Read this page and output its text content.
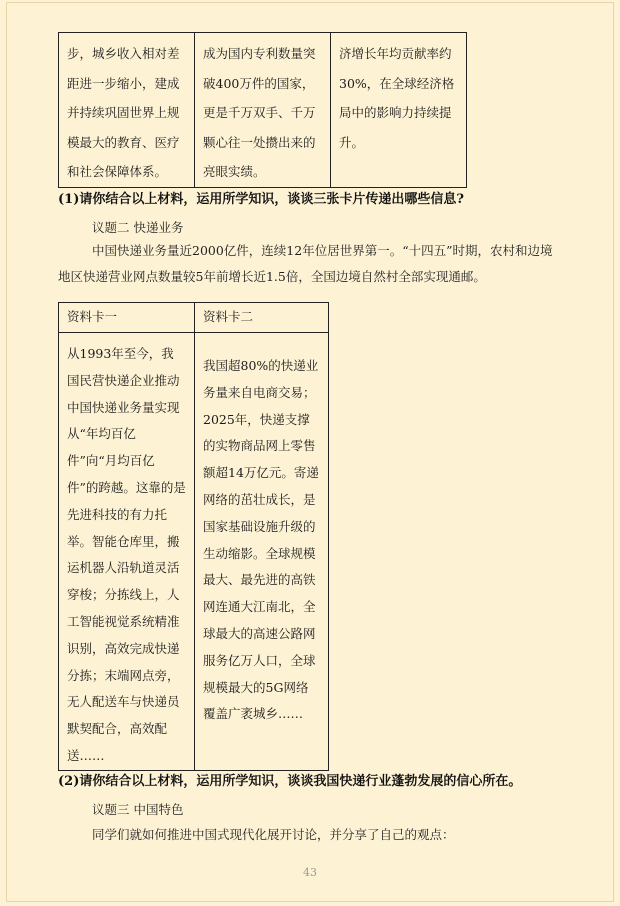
步，城乡收入相对差距进一步缩小，建成并持续巩固世界上规模最大的教育、医疗和社会保障体系。	成为国内专利数量突破400万件的国家，更是千万双手、千万颗心往一处攒出来的亮眼实绩。	济增长年均贡献率约30%，在全球经济格局中的影响力持续提升。
(1)请你结合以上材料，运用所学知识，谈谈三张卡片传递出哪些信息?
议题二 快递业务
中国快递业务量近2000亿件，连续12年位居世界第一。“十四五”时期，农村和边境地区快递营业网点数量较5年前增长近1.5倍，全国边境自然村全部实现通邮。
资料卡一	资料卡二
从1993年至今，我国民营快递企业推动中国快递业务量实现从“年均百亿件”向“月均百亿件”的跨越。这靠的是先进科技的有力托举。智能仓库里，搬运机器人沿轨道灵活穿梭；分拣线上，人工智能视觉系统精准识别，高效完成快递分拣；末端网点旁，无人配送车与快递员默契配合，高效配送……	我国超80%的快递业务量来自电商交易；2025年，快递支撑的实物商品网上零售额超14万亿元。寄递网络的茁壮成长，是国家基础设施升级的生动缩影。全球规模最大、最先进的高铁网连通大江南北，全球最大的高速公路网服务亿万人口，全球规模最大的5G网络覆盖广袤城乡……
(2)请你结合以上材料，运用所学知识，谈谈我国快递行业蓬勃发展的信心所在。
议题三 中国特色
同学们就如何推进中国式现代化展开讨论，并分享了自己的观点：
43
